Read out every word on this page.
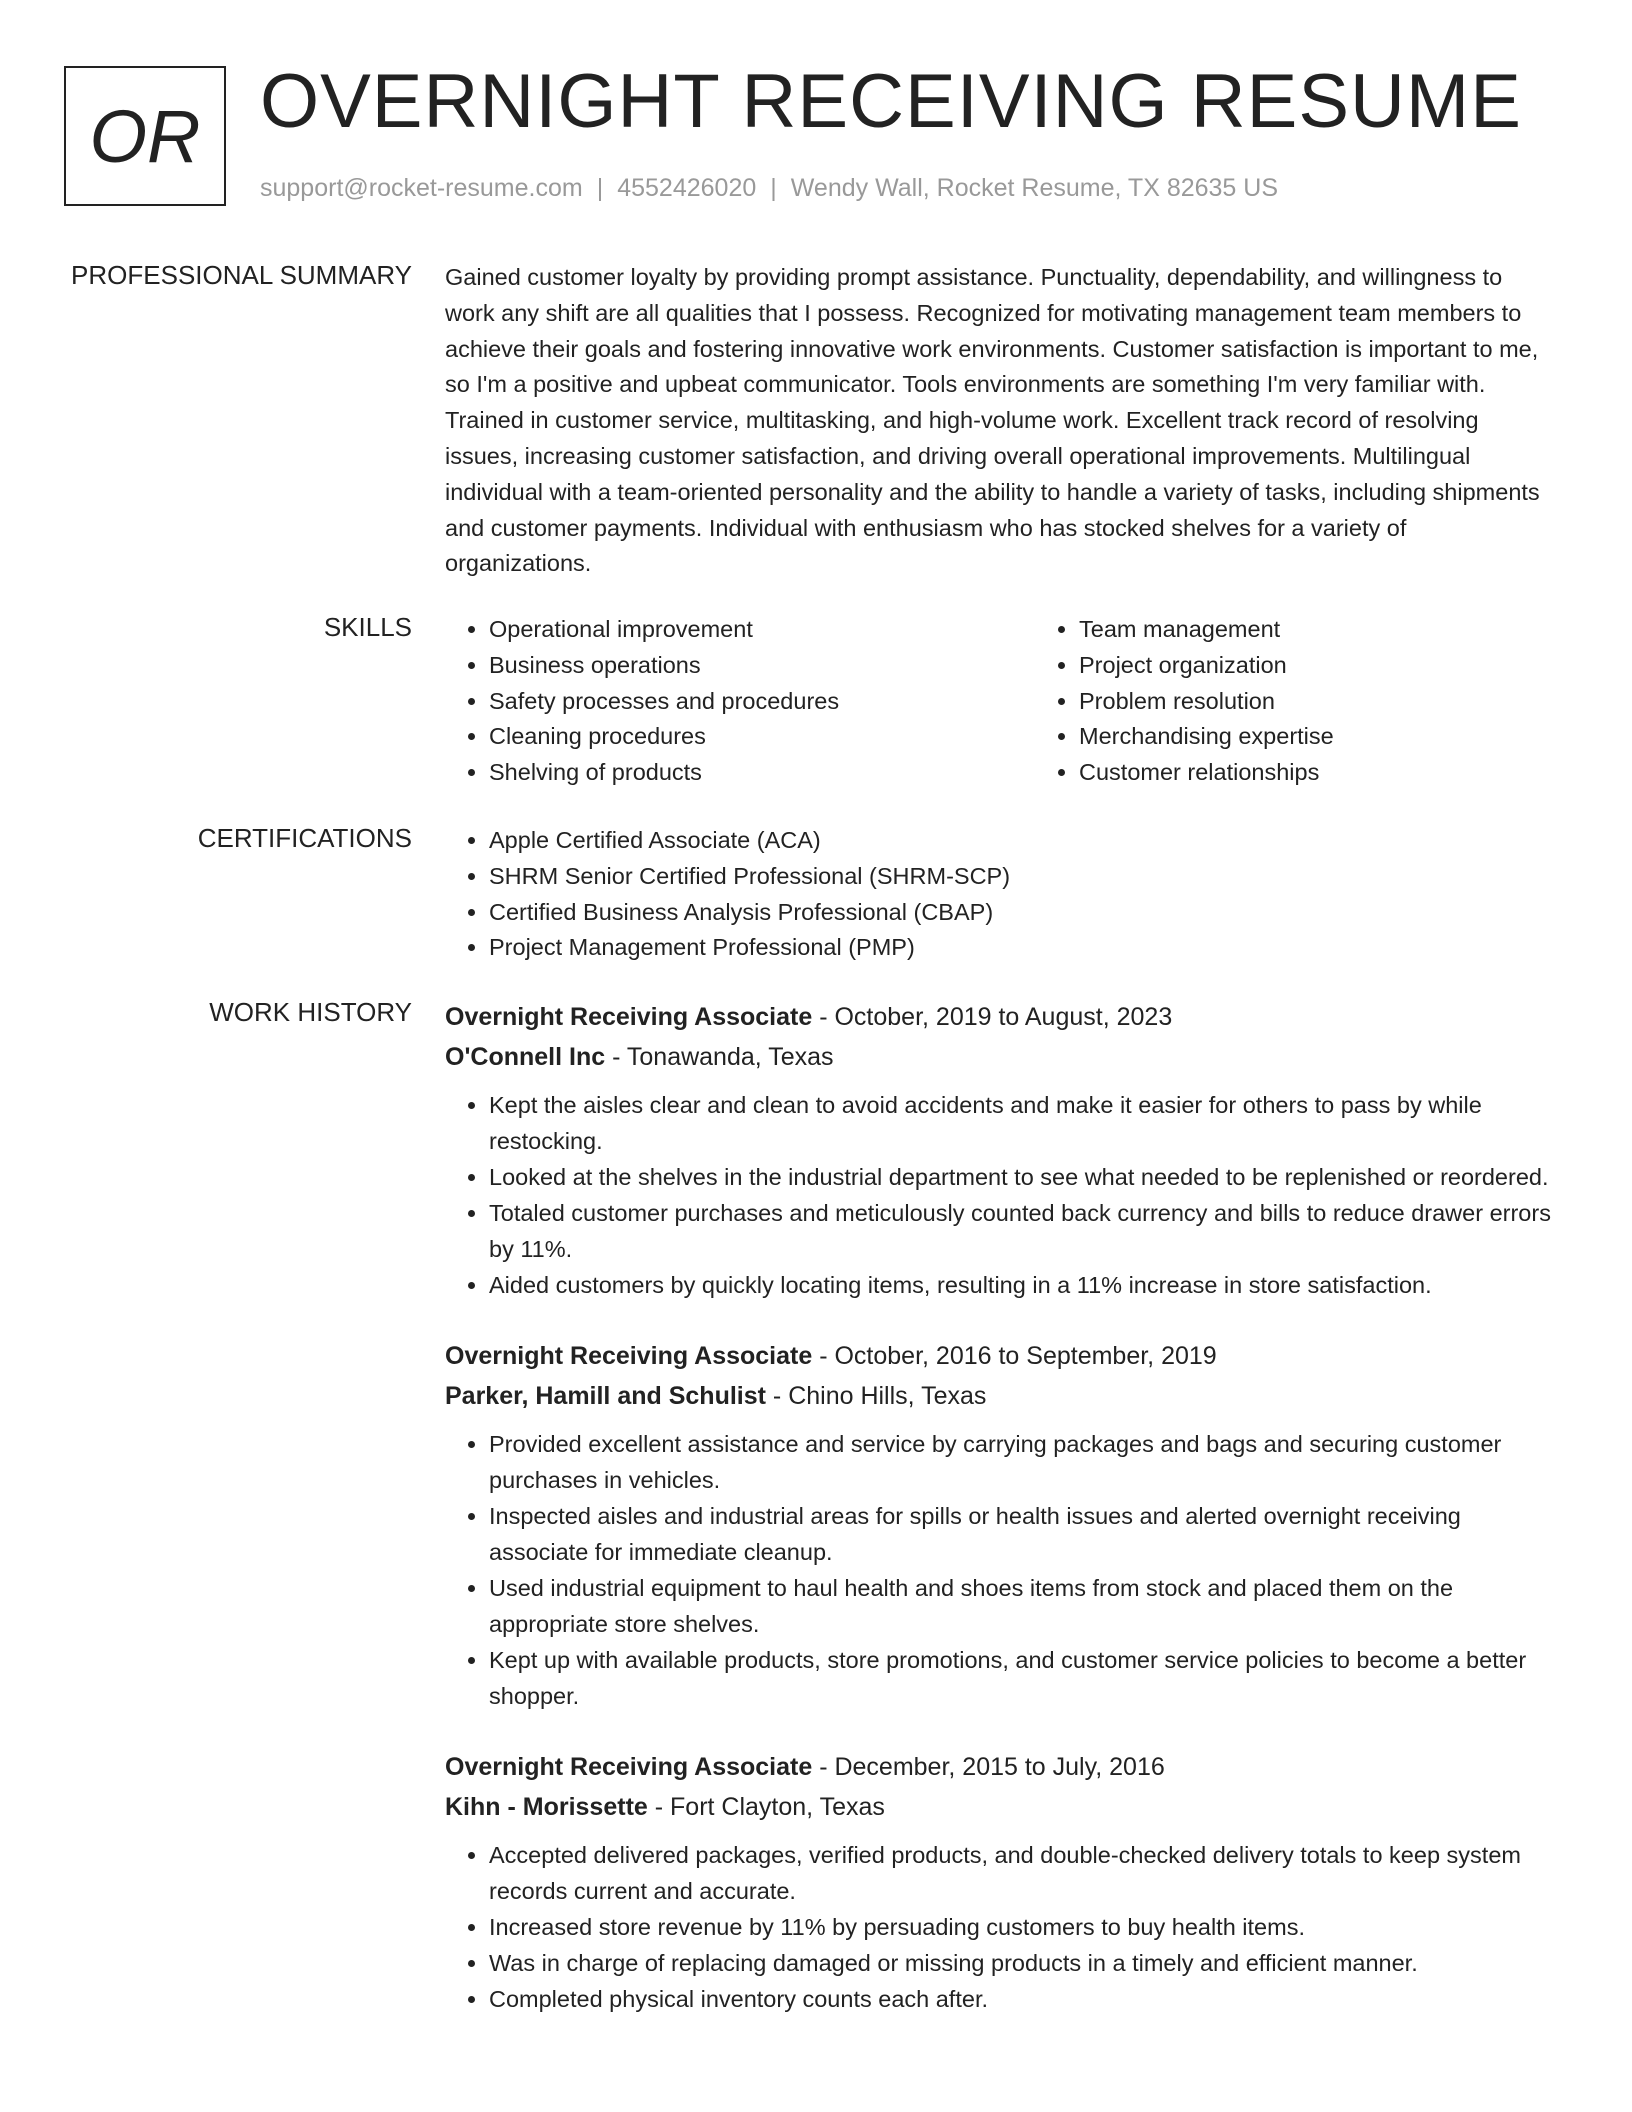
OR OVERNIGHT RECEIVING RESUME
support@rocket-resume.com | 4552426020 | Wendy Wall, Rocket Resume, TX 82635 US
PROFESSIONAL SUMMARY Gained customer loyalty by providing prompt assistance. Punctuality, dependability, and willingness to work any shift are all qualities that I possess. Recognized for motivating management team members to achieve their goals and fostering innovative work environments. Customer satisfaction is important to me, so I'm a positive and upbeat communicator. Tools environments are something I'm very familiar with. Trained in customer service, multitasking, and high-volume work. Excellent track record of resolving issues, increasing customer satisfaction, and driving overall operational improvements. Multilingual individual with a team-oriented personality and the ability to handle a variety of tasks, including shipments and customer payments. Individual with enthusiasm who has stocked shelves for a variety of organizations.
SKILLS	• Operational improvement
• Business operations
• Safety processes and procedures
• Cleaning procedures
• Shelving of products
• Team management
• Project organization
• Problem resolution
• Merchandising expertise
• Customer relationships
CERTIFICATIONS	• Apple Certified Associate (ACA)
• SHRM Senior Certified Professional (SHRM-SCP)
• Certified Business Analysis Professional (CBAP)
• Project Management Professional (PMP)
WORK HISTORY Overnight Receiving Associate - October, 2019 to August, 2023
O'Connell Inc - Tonawanda, Texas
• Kept the aisles clear and clean to avoid accidents and make it easier for others to pass by while restocking.
• Looked at the shelves in the industrial department to see what needed to be replenished or reordered.
• Totaled customer purchases and meticulously counted back currency and bills to reduce drawer errors by 11%.
• Aided customers by quickly locating items, resulting in a 11% increase in store satisfaction.
Overnight Receiving Associate - October, 2016 to September, 2019
Parker, Hamill and Schulist - Chino Hills, Texas
• Provided excellent assistance and service by carrying packages and bags and securing customer purchases in vehicles.
• Inspected aisles and industrial areas for spills or health issues and alerted overnight receiving associate for immediate cleanup.
• Used industrial equipment to haul health and shoes items from stock and placed them on the appropriate store shelves.
• Kept up with available products, store promotions, and customer service policies to become a better shopper.
Overnight Receiving Associate - December, 2015 to July, 2016
Kihn - Morissette - Fort Clayton, Texas
• Accepted delivered packages, verified products, and double-checked delivery totals to keep system records current and accurate.
• Increased store revenue by 11% by persuading customers to buy health items.
• Was in charge of replacing damaged or missing products in a timely and efficient manner.
• Completed physical inventory counts each after.
